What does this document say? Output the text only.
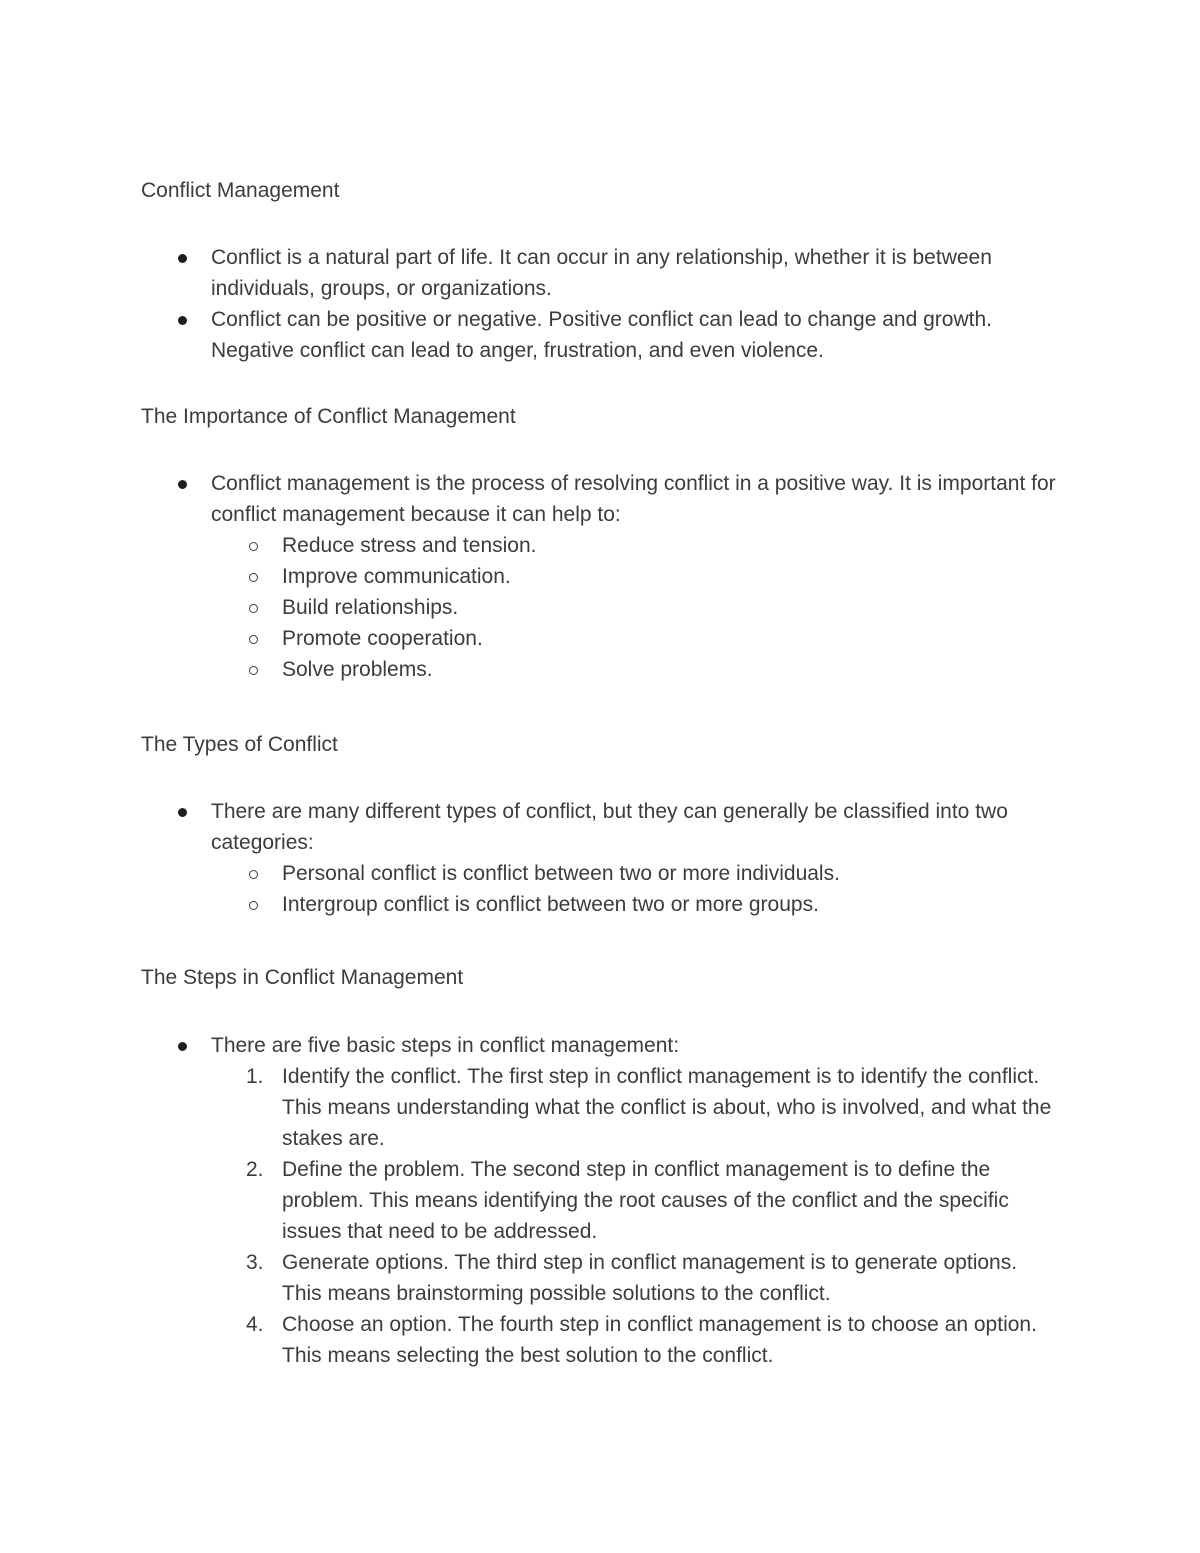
Conflict Management

Conflict is a natural part of life. It can occur in any relationship, whether it is between individuals, groups, or organizations.

Conflict can be positive or negative. Positive conflict can lead to change and growth. Negative conflict can lead to anger, frustration, and even violence.

The Importance of Conflict Management

Conflict management is the process of resolving conflict in a positive way. It is important for conflict management because it can help to:

Reduce stress and tension.

Improve communication.

Build relationships.

Promote cooperation.

Solve problems.

The Types of Conflict

There are many different types of conflict, but they can generally be classified into two categories:

Personal conflict is conflict between two or more individuals.

Intergroup conflict is conflict between two or more groups.

The Steps in Conflict Management

There are five basic steps in conflict management:

1. Identify the conflict. The first step in conflict management is to identify the conflict. This means understanding what the conflict is about, who is involved, and what the stakes are.

2. Define the problem. The second step in conflict management is to define the problem. This means identifying the root causes of the conflict and the specific issues that need to be addressed.

3. Generate options. The third step in conflict management is to generate options. This means brainstorming possible solutions to the conflict.

4. Choose an option. The fourth step in conflict management is to choose an option. This means selecting the best solution to the conflict.
